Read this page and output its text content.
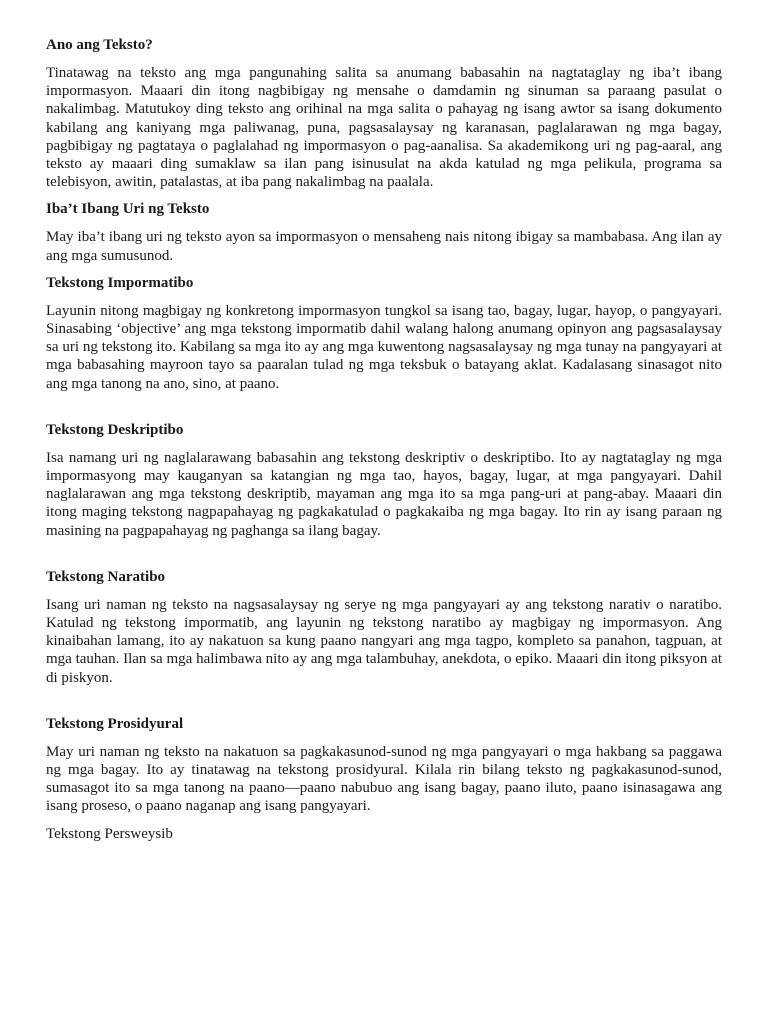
Ano ang Teksto?

Tinatawag na teksto ang mga pangunahing salita sa anumang babasahin na nagtataglay ng iba’t ibang impormasyon. Maaari din itong nagbibigay ng mensahe o damdamin ng sinuman sa paraang pasulat o nakalimbag. Matutukoy ding teksto ang orihinal na mga salita o pahayag ng isang awtor sa isang dokumento kabilang ang kaniyang mga paliwanag, puna, pagsasalaysay ng karanasan, paglalarawan ng mga bagay, pagbibigay ng pagtataya o paglalahad ng impormasyon o pag-aanalisa. Sa akademikong uri ng pag-aaral, ang teksto ay maaari ding sumaklaw sa ilan pang isinusulat na akda katulad ng mga pelikula, programa sa telebisyon, awitin, patalastas, at iba pang nakalimbag na paalala.

Iba’t Ibang Uri ng Teksto

May iba’t ibang uri ng teksto ayon sa impormasyon o mensaheng nais nitong ibigay sa mambabasa. Ang ilan ay ang mga sumusunod.

Tekstong Impormatibo

Layunin nitong magbigay ng konkretong impormasyon tungkol sa isang tao, bagay, lugar, hayop, o pangyayari. Sinasabing ‘objective’ ang mga tekstong impormatib dahil walang halong anumang opinyon ang pagsasalaysay sa uri ng tekstong ito. Kabilang sa mga ito ay ang mga kuwentong nagsasalaysay ng mga tunay na pangyayari at mga babasahing mayroon tayo sa paaralan tulad ng mga teksbuk o batayang aklat. Kadalasang sinasagot nito ang mga tanong na ano, sino, at paano.

Tekstong Deskriptibo

Isa namang uri ng naglalarawang babasahin ang tekstong deskriptiv o deskriptibo. Ito ay nagtataglay ng mga impormasyong may kauganyan sa katangian ng mga tao, hayos, bagay, lugar, at mga pangyayari. Dahil naglalarawan ang mga tekstong deskriptib, mayaman ang mga ito sa mga pang-uri at pang-abay. Maaari din itong maging tekstong nagpapahayag ng pagkakatulad o pagkakaiba ng mga bagay. Ito rin ay isang paraan ng masining na pagpapahayag ng paghanga sa ilang bagay.

Tekstong Naratibo

Isang uri naman ng teksto na nagsasalaysay ng serye ng mga pangyayari ay ang tekstong narativ o naratibo. Katulad ng tekstong impormatib, ang layunin ng tekstong naratibo ay magbigay ng impormasyon. Ang kinaibahan lamang, ito ay nakatuon sa kung paano nangyari ang mga tagpo, kompleto sa panahon, tagpuan, at mga tauhan. Ilan sa mga halimbawa nito ay ang mga talambuhay, anekdota, o epiko. Maaari din itong piksyon at di piskyon.

Tekstong Prosidyural

May uri naman ng teksto na nakatuon sa pagkakasunod-sunod ng mga pangyayari o mga hakbang sa paggawa ng mga bagay. Ito ay tinatawag na tekstong prosidyural. Kilala rin bilang teksto ng pagkakasunod-sunod, sumasagot ito sa mga tanong na paano—paano nabubuo ang isang bagay, paano iluto, paano isinasagawa ang isang proseso, o paano naganap ang isang pangyayari.

Tekstong Persweysib
